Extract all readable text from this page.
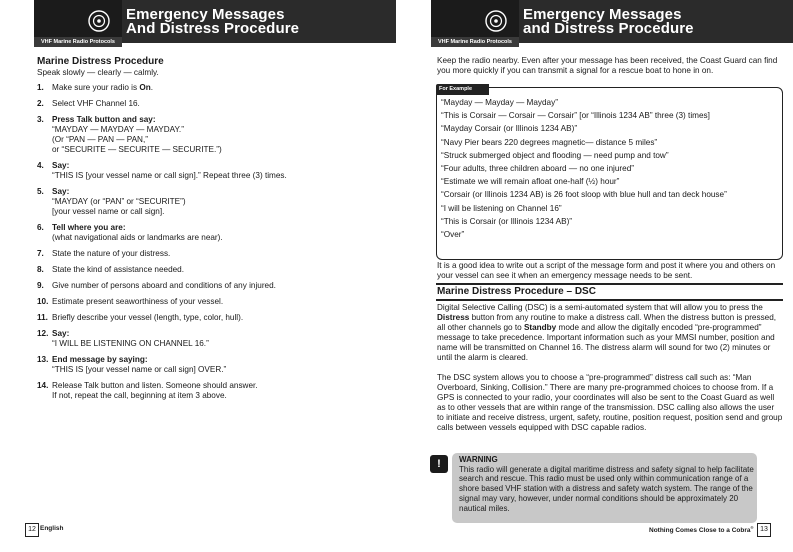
Emergency Messages
And Distress Procedure
VHF Marine Radio Protocols
Marine Distress Procedure
Speak slowly — clearly — calmly.
1. Make sure your radio is On.
2. Select VHF Channel 16.
3. Press Talk button and say:
“MAYDAY — MAYDAY — MAYDAY.”
(Or “PAN — PAN — PAN,”
or “SECURITE — SECURITE — SECURITE.”)
4. Say:
“THIS IS [your vessel name or call sign].” Repeat three (3) times.
5. Say:
“MAYDAY (or “PAN” or “SECURITE”)
[your vessel name or call sign].
6. Tell where you are:
(what navigational aids or landmarks are near).
7. State the nature of your distress.
8. State the kind of assistance needed.
9. Give number of persons aboard and conditions of any injured.
10. Estimate present seaworthiness of your vessel.
11. Briefly describe your vessel (length, type, color, hull).
12. Say:
“I WILL BE LISTENING ON CHANNEL 16.”
13. End message by saying:
“THIS IS [your vessel name or call sign] OVER.”
14. Release Talk button and listen. Someone should answer.
If not, repeat the call, beginning at item 3 above.
12 English
Emergency Messages
and Distress Procedure
VHF Marine Radio Protocols
Keep the radio nearby. Even after your message has been received, the Coast Guard can find you more quickly if you can transmit a signal for a rescue boat to hone in on.
For Example
“Mayday — Mayday — Mayday”
“This is Corsair — Corsair — Corsair” [or “Illinois 1234 AB” three (3) times]
“Mayday Corsair (or Illinois 1234 AB)”
“Navy Pier bears 220 degrees magnetic— distance 5 miles”
“Struck submerged object and flooding — need pump and tow”
“Four adults, three children aboard — no one injured”
“Estimate we will remain afloat one-half (½) hour”
“Corsair (or Illinois 1234 AB) is 26 foot sloop with blue hull and tan deck house”
“I will be listening on Channel 16”
“This is Corsair (or Illinois 1234 AB)”
“Over”
It is a good idea to write out a script of the message form and post it where you and others on your vessel can see it when an emergency message needs to be sent.
Marine Distress Procedure – DSC
Digital Selective Calling (DSC) is a semi-automated system that will allow you to press the Distress button from any routine to make a distress call. When the distress button is pressed, all other channels go to Standby mode and allow the digitally encoded “pre-programmed” message to take precedence. Important information such as your MMSI number, position and name will be transmitted on Channel 16. The distress alarm will sound for two (2) minutes or until the alarm is cleared.
The DSC system allows you to choose a “pre-programmed” distress call such as: “Man Overboard, Sinking, Collision.” There are many pre-programmed choices to choose from. If a GPS is connected to your radio, your coordinates will also be sent to the Coast Guard as well as to other vessels that are within range of the transmission. DSC calling also allows the user to initiate and receive distress, urgent, safety, routine, position request, position send and group calls between vessels equipped with DSC capable radios.
!	WARNING
This radio will generate a digital maritime distress and safety signal to help facilitate search and rescue. This radio must be used only within communication range of a shore based VHF station with a distress and safety watch system. The range of the signal may vary, however, under normal conditions should be approximately 20 nautical miles.
Nothing Comes Close to a Cobra® 13
